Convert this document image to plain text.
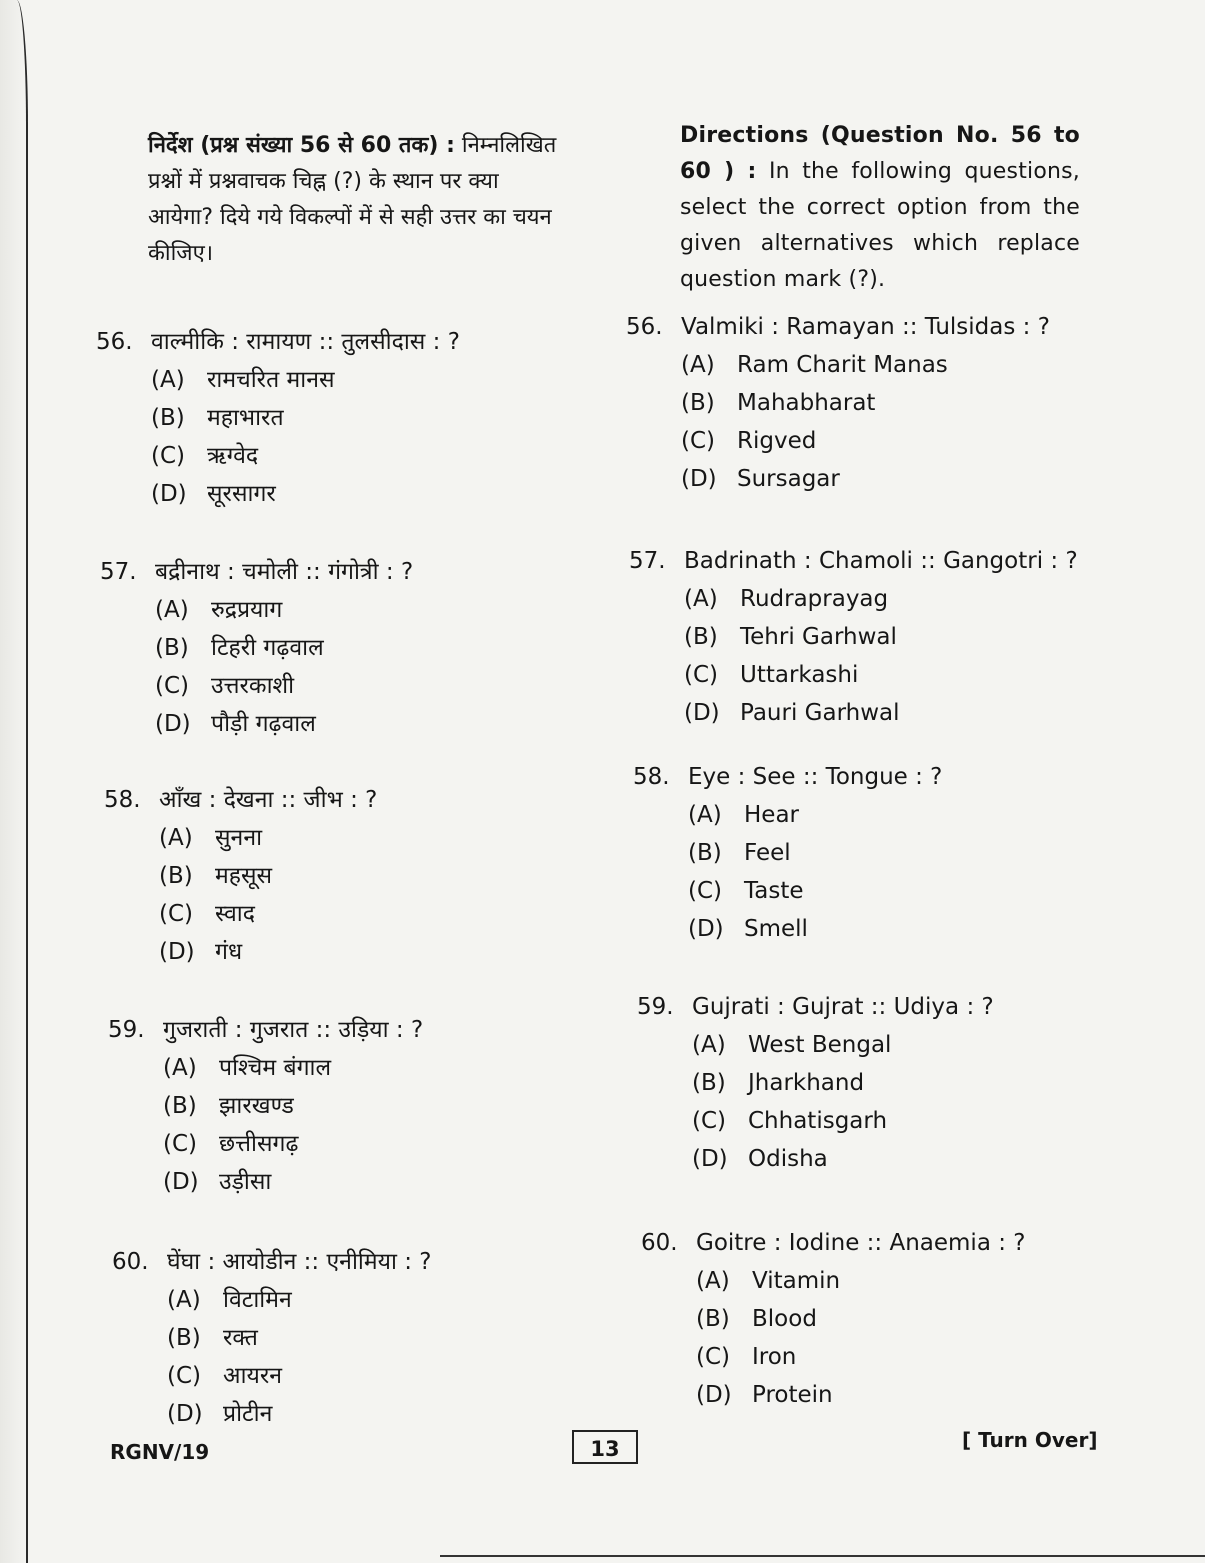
निर्देश (प्रश्न संख्या 56 से 60 तक) : निम्नलिखित प्रश्नों में प्रश्नवाचक चिह्न (?) के स्थान पर क्या आयेगा? दिये गये विकल्पों में से सही उत्तर का चयन कीजिए।
Directions (Question No. 56 to 60 ) : In the following questions, select the correct option from the given alternatives which replace question mark (?).
56. वाल्मीकि : रामायण :: तुलसीदास : ?
(A) रामचरित मानस
(B) महाभारत
(C) ऋग्वेद
(D) सूरसागर
57. बद्रीनाथ : चमोली :: गंगोत्री : ?
(A) रुद्रप्रयाग
(B) टिहरी गढ़वाल
(C) उत्तरकाशी
(D) पौड़ी गढ़वाल
58. आँख : देखना :: जीभ : ?
(A) सुनना
(B) महसूस
(C) स्वाद
(D) गंध
59. गुजराती : गुजरात :: उड़िया : ?
(A) पश्चिम बंगाल
(B) झारखण्ड
(C) छत्तीसगढ़
(D) उड़ीसा
60. घेंघा : आयोडीन :: एनीमिया : ?
(A) विटामिन
(B) रक्त
(C) आयरन
(D) प्रोटीन
56. Valmiki : Ramayan :: Tulsidas : ?
(A) Ram Charit Manas
(B) Mahabharat
(C) Rigved
(D) Sursagar
57. Badrinath : Chamoli :: Gangotri : ?
(A) Rudraprayag
(B) Tehri Garhwal
(C) Uttarkashi
(D) Pauri Garhwal
58. Eye : See :: Tongue : ?
(A) Hear
(B) Feel
(C) Taste
(D) Smell
59. Gujrati : Gujrat :: Udiya : ?
(A) West Bengal
(B) Jharkhand
(C) Chhatisgarh
(D) Odisha
60. Goitre : Iodine :: Anaemia : ?
(A) Vitamin
(B) Blood
(C) Iron
(D) Protein
RGNV/19	13	[ Turn Over]
